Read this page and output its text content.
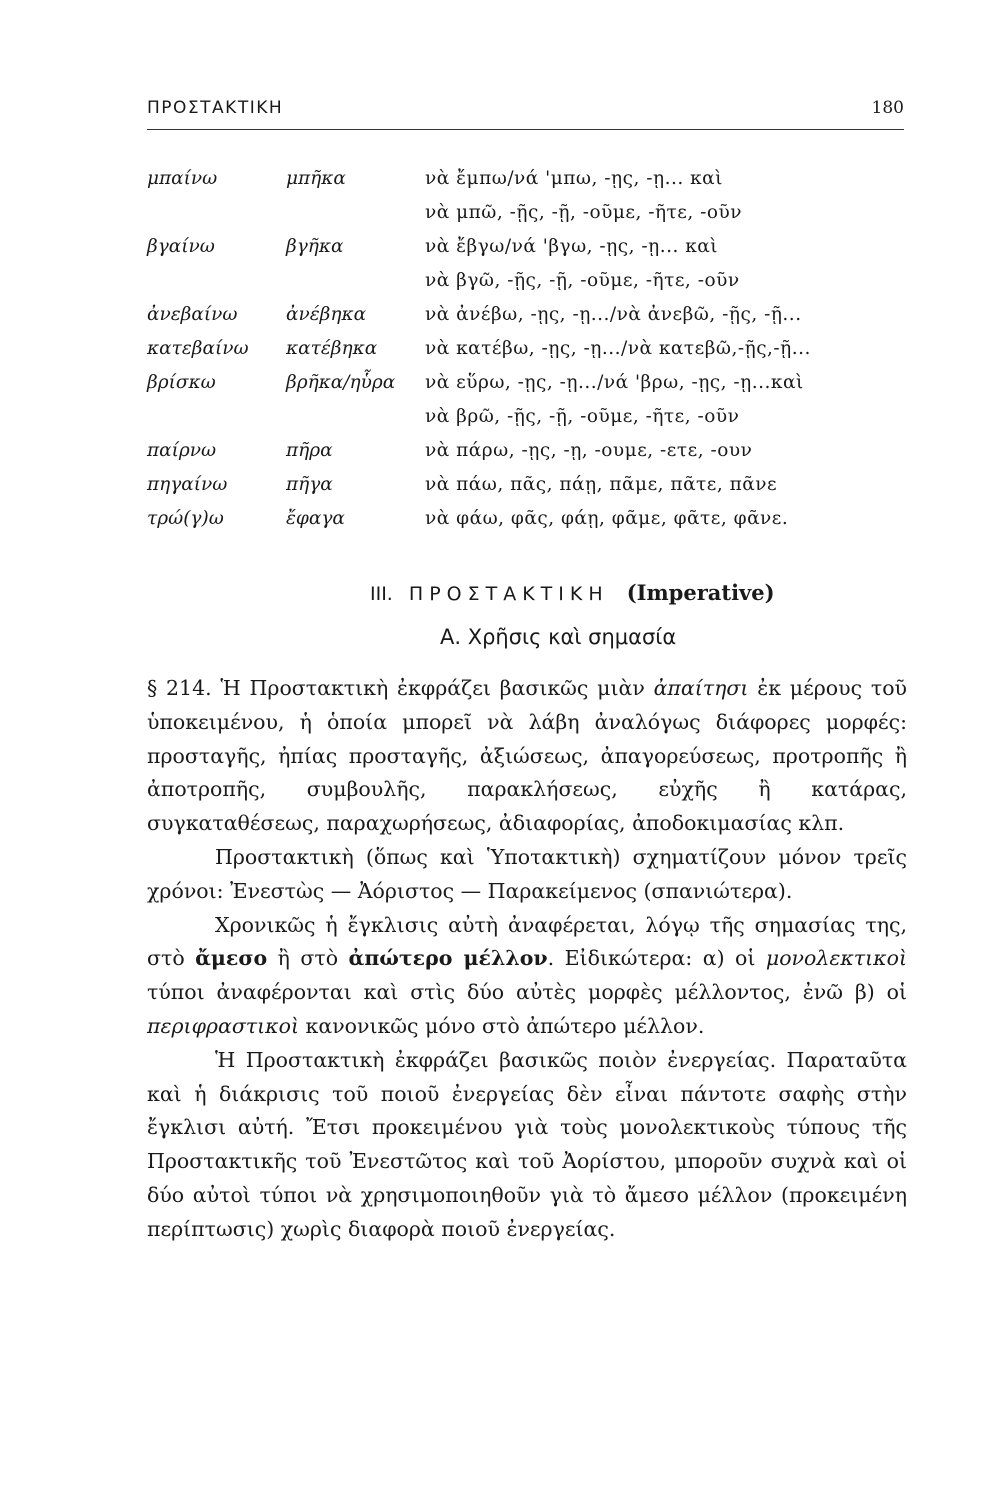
ΠΡΟΣΤΑΚΤΙΚΗ	180
μπαίνω	μπῆκα	νὰ ἔμπω/νά 'μπω, -ῃς, -ῃ... καὶ
νὰ μπῶ, -ῇς, -ῇ, -οῦμε, -ῆτε, -οῦν
βγαίνω	βγῆκα	νὰ ἔβγω/νά 'βγω, -ῃς, -ῃ... καὶ
νὰ βγῶ, -ῇς, -ῇ, -οῦμε, -ῆτε, -οῦν
ἀνεβαίνω	ἀνέβηκα	νὰ ἀνέβω, -ῃς, -ῃ.../νὰ ἀνεβῶ, -ῇς, -ῇ...
κατεβαίνω	κατέβηκα	νὰ κατέβω, -ῃς, -ῃ.../νὰ κατεβῶ,-ῇς,-ῇ...
βρίσκω	βρῆκα/ηὗρα	νὰ εὕρω, -ῃς, -ῃ.../νά 'βρω, -ῃς, -ῃ...καὶ
νὰ βρῶ, -ῇς, -ῇ, -οῦμε, -ῆτε, -οῦν
παίρνω	πῆρα	νὰ πάρω, -ῃς, -ῃ, -ουμε, -ετε, -ουν
πηγαίνω	πῆγα	νὰ πάω, πᾶς, πάῃ, πᾶμε, πᾶτε, πᾶνε
τρώ(γ)ω	ἔφαγα	νὰ φάω, φᾶς, φάῃ, φᾶμε, φᾶτε, φᾶνε.
III. ΠΡΟΣΤΑΚΤΙΚΗ (Imperative)
Α. Χρῆσις καὶ σημασία

§ 214. Ἡ Προστακτικὴ ἐκφράζει βασικῶς μιὰν ἀπαίτησι ἐκ μέρους τοῦ ὑποκειμένου, ἡ ὁποία μπορεῖ νὰ λάβη ἀναλόγως διάφορες μορφές: προσταγῆς, ἠπίας προσταγῆς, ἀξιώσεως, ἀπαγορεύσεως, προτροπῆς ἢ ἀποτροπῆς, συμβουλῆς, παρακλήσεως, εὐχῆς ἢ κατάρας, συγκαταθέσεως, παραχωρήσεως, ἀδιαφορίας, ἀποδοκιμασίας κλπ.

Προστακτικὴ (ὅπως καὶ Ὑποτακτικὴ) σχηματίζουν μόνον τρεῖς χρόνοι: Ἐνεστὼς — Ἀόριστος — Παρακείμενος (σπανιώτερα).

Χρονικῶς ἡ ἔγκλισις αὐτὴ ἀναφέρεται, λόγῳ τῆς σημασίας της, στὸ ἄμεσο ἢ στὸ ἀπώτερο μέλλον. Εἰδικώτερα: α) οἱ μονολεκτικοὶ τύποι ἀναφέρονται καὶ στὶς δύο αὐτὲς μορφὲς μέλλοντος, ἐνῶ β) οἱ περιφραστικοὶ κανονικῶς μόνο στὸ ἀπώτερο μέλλον.

Ἡ Προστακτικὴ ἐκφράζει βασικῶς ποιὸν ἐνεργείας. Παραταῦτα καὶ ἡ διάκρισις τοῦ ποιοῦ ἐνεργείας δὲν εἶναι πάντοτε σαφὴς στὴν ἔγκλισι αὐτή. Ἔτσι προκειμένου γιὰ τοὺς μονολεκτικοὺς τύπους τῆς Προστακτικῆς τοῦ Ἐνεστῶτος καὶ τοῦ Ἀορίστου, μποροῦν συχνὰ καὶ οἱ δύο αὐτοὶ τύποι νὰ χρησιμοποιηθοῦν γιὰ τὸ ἄμεσο μέλλον (προκειμένη περίπτωσις) χωρὶς διαφορὰ ποιοῦ ἐνεργείας.
